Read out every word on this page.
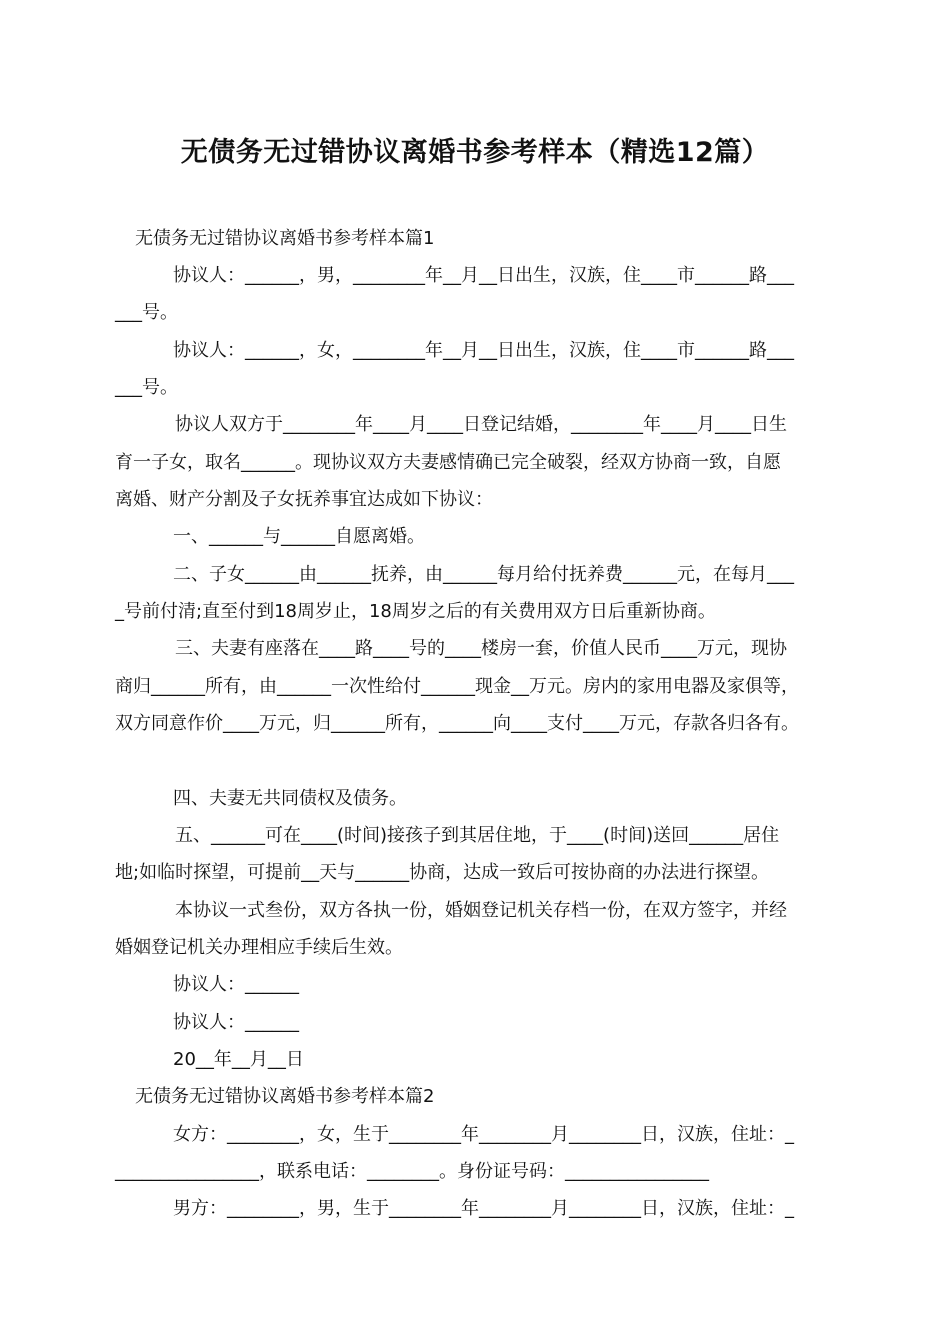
无债务无过错协议离婚书参考样本（精选12篇）
无债务无过错协议离婚书参考样本篇1
协议人：______，男，________年__月__日出生，汉族，住____市______路___
___号。
协议人：______，女，________年__月__日出生，汉族，住____市______路___
___号。
协议人双方于________年____月____日登记结婚，________年____月____日生
育一子女，取名______。现协议双方夫妻感情确已完全破裂，经双方协商一致，自愿
离婚、财产分割及子女抚养事宜达成如下协议：
一、______与______自愿离婚。
二、子女______由______抚养，由______每月给付抚养费______元，在每月___
_号前付清;直至付到18周岁止，18周岁之后的有关费用双方日后重新协商。
三、夫妻有座落在____路____号的____楼房一套，价值人民币____万元，现协
商归______所有，由______一次性给付______现金__万元。房内的家用电器及家俱等，
双方同意作价____万元，归______所有，______向____支付____万元，存款各归各有。
四、夫妻无共同债权及债务。
五、______可在____(时间)接孩子到其居住地，于____(时间)送回______居住
地;如临时探望，可提前__天与______协商，达成一致后可按协商的办法进行探望。
本协议一式叁份，双方各执一份，婚姻登记机关存档一份，在双方签字，并经
婚姻登记机关办理相应手续后生效。
协议人：______
协议人：______
20__年__月__日
无债务无过错协议离婚书参考样本篇2
女方：________，女，生于________年________月________日，汉族，住址：_
________________，联系电话：________。身份证号码：________________
男方：________，男，生于________年________月________日，汉族，住址：_
